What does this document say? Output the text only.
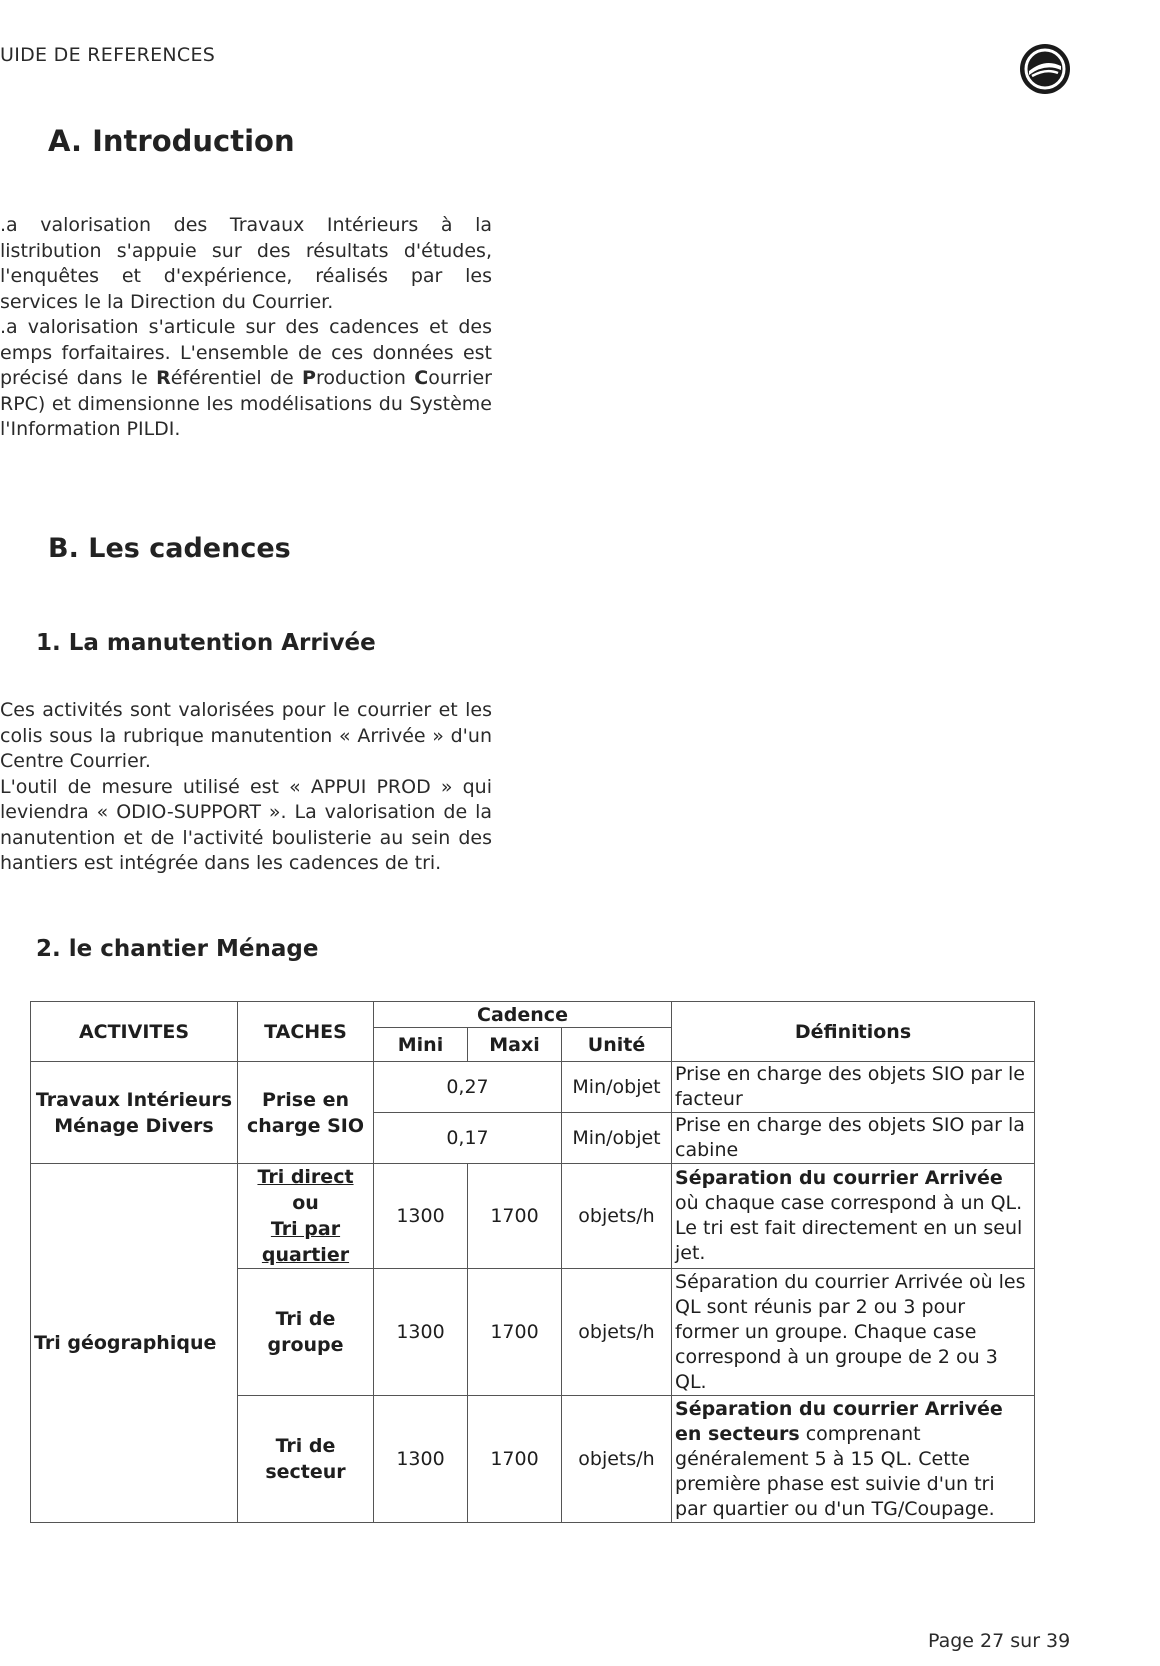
UIDE DE REFERENCES
A. Introduction

.a valorisation des Travaux Intérieurs à la listribution s'appuie sur des résultats d'études, l'enquêtes et d'expérience, réalisés par les services le la Direction du Courrier.

.a valorisation s'articule sur des cadences et des emps forfaitaires. L'ensemble de ces données est précisé dans le Référentiel de Production Courrier RPC) et dimensionne les modélisations du Système l'Information PILDI.

B. Les cadences
1. La manutention Arrivée

Ces activités sont valorisées pour le courrier et les colis sous la rubrique manutention « Arrivée » d'un Centre Courrier.

L'outil de mesure utilisé est « APPUI PROD » qui leviendra « ODIO-SUPPORT ». La valorisation de la nanutention et de l'activité boulisterie au sein des hantiers est intégrée dans les cadences de tri.

2. le chantier Ménage
ACTIVITES	TACHES	Cadence			Définitions
		Mini	Maxi	Unité	
Travaux Intérieurs Ménage Divers	Prise en charge SIO	0,27		Min/objet	Prise en charge des objets SIO par le facteur
		0,17		Min/objet	Prise en charge des objets SIO par la cabine
Tri géographique	Tri direct
ou
Tri par quartier	1300	1700	objets/h	Séparation du courrier Arrivée où chaque case correspond à un QL. Le tri est fait directement en un seul jet.
	Tri de groupe	1300	1700	objets/h	Séparation du courrier Arrivée où les QL sont réunis par 2 ou 3 pour former un groupe. Chaque case correspond à un groupe de 2 ou 3 QL.
	Tri de secteur	1300	1700	objets/h	Séparation du courrier Arrivée en secteurs comprenant généralement 5 à 15 QL. Cette première phase est suivie d'un tri par quartier ou d'un TG/Coupage.
Page 27 sur 39
